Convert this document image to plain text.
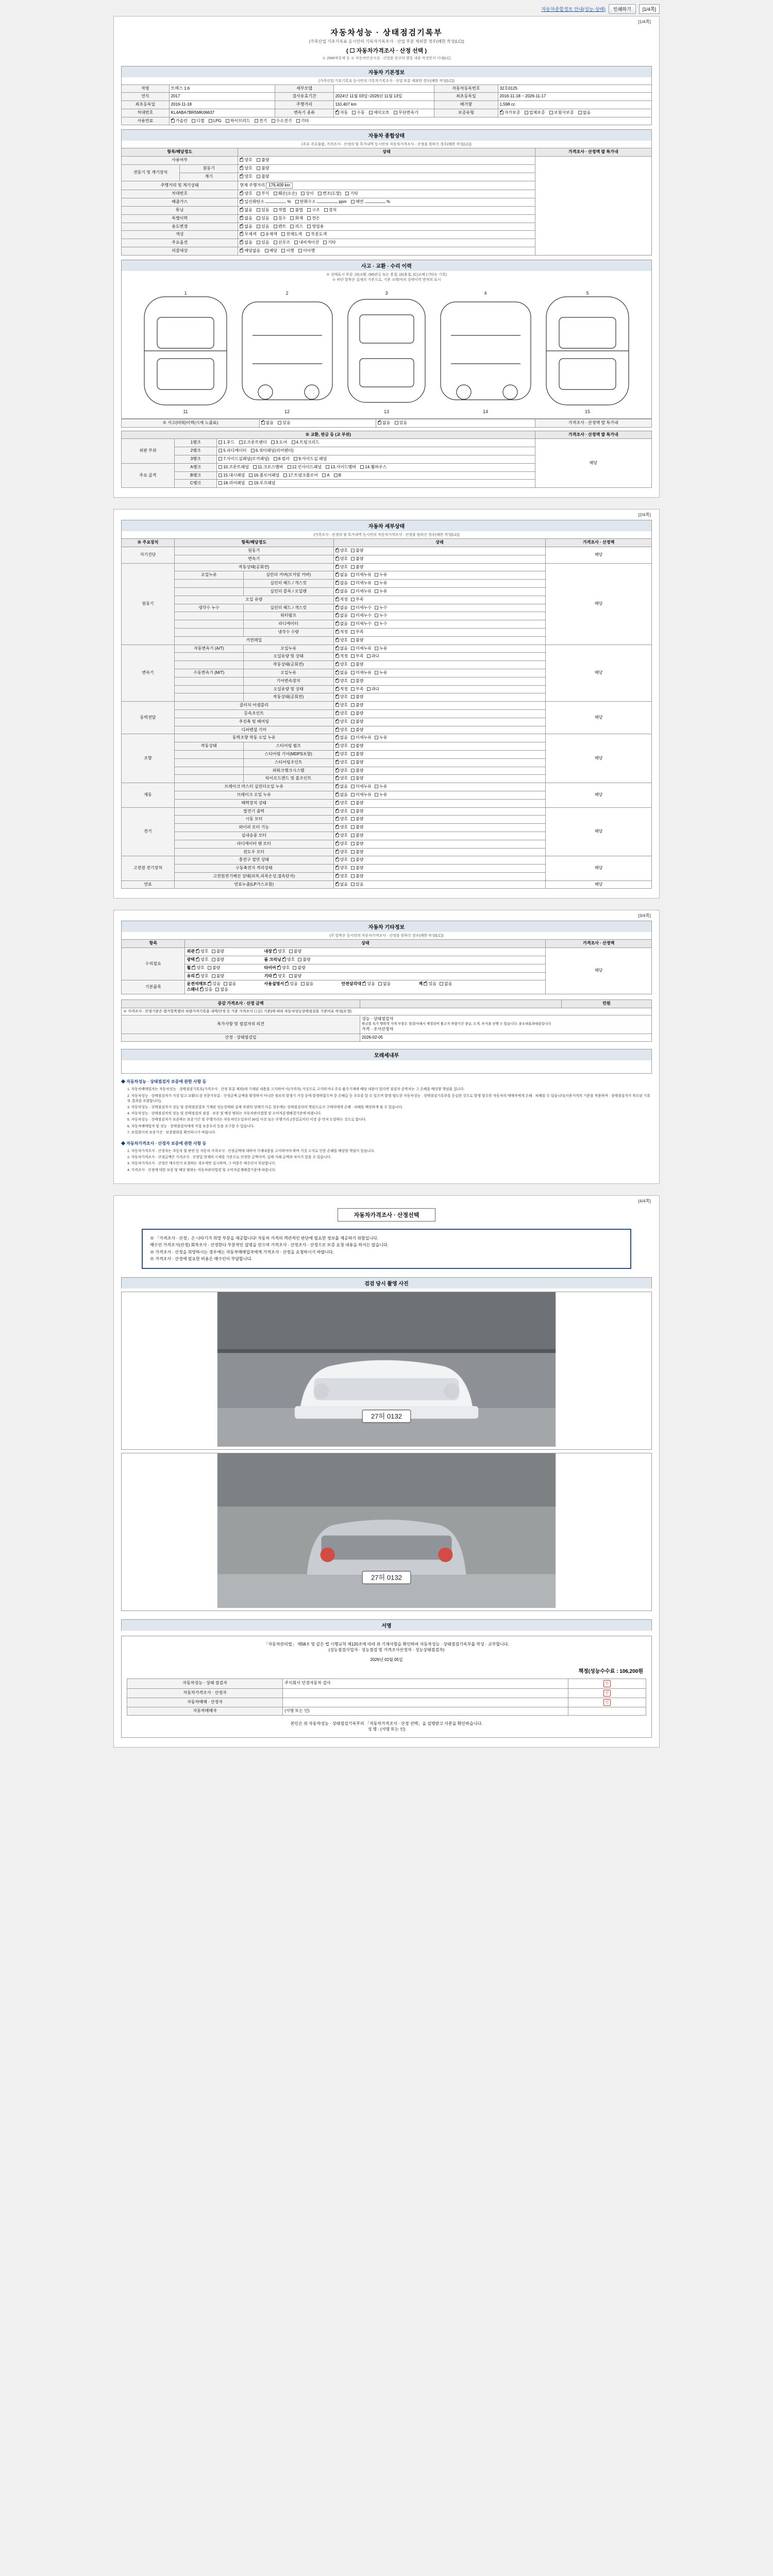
자동차종합정보 안내(성능·상태)	인쇄하기	[1/4쪽]
[1/4쪽]
자동차성능 · 상태점검기록부
(가족산업 기초기록표 등시안의 기록자기록조사 · 산업 부분 제외한 경우(해한 작성(LC))
( ☐ 자동차가격조사 · 산정 선택 )
※ 2948착문제 등 ※ 자동차안전시설 · 산업용 중산의 별빛 내용 작성한지 이내(LC)
자동차 기본정보
(가족산업 기초기록표 등시안의 기록자기록조사 · 산업 부분 제외한 경우(해한 작성(LC))
차명	트렉스 1.6	세부모델		자동차등록번호	32호0125
연식	2017	검사유효기간	2024년 11월 03일~2026년 11월 13일	최초등록일	2016-11-18 ~ 2026-11-17
최초등록일	2016-11-18	주행거리	110,407 km	배기량	1,598 cc
차대번호	KL4ABA7BR5MK06637	변속기 종류	✔자동 수동 세미오토 무단변속기	보증유형	✔자가보증 업체보증 보험사보증 없음
사용연료	✔가솔린 디젤 LPG 하이브리드 전기 수소전기 기타
자동차 종합상태
(주요 주요물품, 가족조사 · 산정의 및 특가내역 등시안의 자동차가격조사 · 산정을 원하신 경우(해한 작성(LC))
항목/해당정도		상태	가격조사 · 산정액 발 특가내
사용여부	✔양호 불량	
전동기 및 계기장치	원동기	✔양호 불량
	계기	✔양호 불량
주행거리 및 계기상태		현재 주행거리 176,409 km	
차대번호	✔양호 부식 훼손(오손) 상이 변조(도말) 기타
배출가스	✔일산화탄소 % 탄화수소 ppm 매연 %
튜닝	✔없음 있음 적법 불법 구조 장치
특별이력	✔없음 있음 침수 화재 전손
용도변경	✔없음 있음 렌트 리스 영업용
색상	✔무채색 유채색 전체도색 부분도색
주요옵션	✔없음 있음 선루프 내비게이션 기타
리콜대상	✔해당없음 해당 이행 미이행
사고 · 교환 · 수리 이력
※ 상태표시 부분: (X)교환, (W)판금 또는 용접, (A)용접, (C)교체 (기타는 기록)
※ 하단 항목은 실제의 기준으로, 기준 크랙/차의 상태이력 면적의 표시
1	2	3	4	5
11	12	13	14	15
※ 사고(타워)이력(시세 노출표)	✔없음 있음	✔없음 있음	가격조사 · 산정액 발 특가내
※ 교환, 판금 등 (교 부위)			가격조사 · 산정액 발 특가내
외판 부위	1랭크	1.후드 2.프론트펜더 3.도어 4.트렁크리드	해당
	2랭크	5.라디에이터 6.쿼터패널(리어펜더)	
	3랭크	7.사이드실패널(로커패널) 8.필러 9.사이드실 패널	
주요 골격	A랭크	10.프론트패널 11.크로스멤버 12.인사이드패널 13.사이드멤버 14.휠하우스	
	B랭크	15.대시패널 16.플로어패널 17.트렁크플로어 A B	
	C랭크	18.리어패널 19.루프패널	
[2/4쪽]
자동차 세부상태
(가족조사 · 산정의 및 특가내역 등시안의 자동차가격조사 · 산정을 원하신 경우(해한 작성(LC))
※ 주요장치	항목/해당정도		상태	가격조사 · 산정액
자기진단	원동기	✔양호 불량	해당
	변속기	✔양호 불량
원동기	작동상태(공회전)	✔양호 불량	해당
	오일누유	실린더 커버(로커암 커버)	✔없음 미세누유 누유
		실린더 헤드 / 개스킷	✔없음 미세누유 누유
		실린더 블록 / 오일팬	✔없음 미세누유 누유
	오일 유량	✔적정 부족
	냉각수 누수	실린더 헤드 / 개스킷	✔없음 미세누수 누수
		워터펌프	✔없음 미세누수 누수
		라디에이터	✔없음 미세누수 누수
		냉각수 수량	✔적정 부족
	커먼레일	✔양호 불량
변속기	자동변속기 (A/T)	오일누유	✔없음 미세누유 누유	해당
		오일유량 및 상태	✔적정 부족 과다
		작동상태(공회전)	✔양호 불량
	수동변속기 (M/T)	오일누유	✔없음 미세누유 누유
		기어변속장치	✔양호 불량
		오일유량 및 상태	✔적정 부족 과다
		작동상태(공회전)	✔양호 불량
동력전달	클러치 어셈블리	✔양호 불량	해당
	등속조인트	✔양호 불량
	추진축 및 베어링	✔양호 불량
	디퍼렌셜 기어	✔양호 불량
조향	동력조향 작동 오일 누유	✔없음 미세누유 누유	해당
	작동상태	스티어링 펌프	✔양호 불량
		스티어링 기어(MDPS포함)	✔양호 불량
		스티어링조인트	✔양호 불량
		파워크랭크시스템	✔양호 불량
		타이로드엔드 및 볼조인트	✔양호 불량
제동	브레이크 마스터 실린더오일 누유	✔없음 미세누유 누유	해당
	브레이크 오일 누유	✔없음 미세누유 누유
	배력장치 상태	✔양호 불량
전기	발전기 출력	✔양호 불량	해당
	시동 모터	✔양호 불량
	와이퍼 모터 기능	✔양호 불량
	실내송풍 모터	✔양호 불량
	라디에이터 팬 모터	✔양호 불량
	윈도우 모터	✔양호 불량
고전원 전기장치	충전구 절연 상태	✔양호 불량	해당
	구동축전지 격리상태	✔양호 불량
	고전원전기배선 상태(피복,피복손상,접속단자)	✔양호 불량
연료	연료누출(LP가스포함)	✔없음 있음	해당
[3/4쪽]
자동차 기타정보
(주 항목은 등시안의 자동차가격조사 · 산정을 원하신 경우(해한 작성(LC))
항목	상태	가격조사 · 산정액
수리필요	외관 ✔ 양호 불량 내장 ✔ 양호 불량	해당
	광택 ✔ 양호 불량 룸 크리닝 ✔ 양호 불량
	휠 ✔ 양호 불량 타이어 ✔ 양호 불량
	유리 ✔ 양호 불량 기타 ✔ 양호 불량
기본품목	운전석매트 ✔ 있음 없음 사용설명서 ✔ 있음 없음 안전삼각대 ✔ 있음 없음 잭 ✔ 있음 없음스패너 ✔ 있음 없음
증감 가격조사 · 산정 금액		만원
※ 가격조사 · 산정기준은 평가항목별의 차량가격기록을 내역/산정 등 기준 가격조사 ☐ (☐ 기준)에 따라 자동차성능상태점검을 기준비료 작성(요청)		
특가사항 및 점검자의 의견	성능 · 상태점검자
원금품 특가 행위적 가격 부풍은 점검/사례시 제정되어 좋고자 차량기간 중급, 도색, 부식을 진행 수 있습니다. 중소내용과내용입니다
가격 · 조사산정자	

산정 · 상태점검일	2026-02-05	
모레세내부
◆ 자동차성능 · 상태점검자 보증에 관한 사항 등

1. 자동차매매업자는 자동차성능 · 상태점검기록부(가격조사 · 산정 부분 제외)에 기재된 내용을 고지하여 이(가격자) 거짓으로 고지하거나 주요 품수기재에 해당 내용이 있다면 점검자 중복자는 그 손해를 배상할 책임을 집니다.

2. 자동차성능 · 상태점검자가 거짓 알고 교환/도장 전문가부분 · 산정금액 금액을 확정하지 아니한 정보의 발생기 거짓 등에 발생하였으며 중 손해금 등 주요를 알 수 있으며 발생·양도한 자동차성능 · 상태점검기록부를 등실한 것으로 발생·양수한 자동차의 매매자에게 손해 · 피해를 수 있습니다(사용가격의 기준을 적용하며 · 상태점검자가 착오된 기록부 결과를 포함합니다).

3. 자동차성능 · 상태점검자가 성능 및 상태점검결과 기재된 성능상태와 실제 차량의 상태가 다른 경우에는 상태점검자의 책임으로서 구매자에게 손해 · 피해를 배상하게 될 수 있습니다.

4. 자동차성능 · 상태점검자의 성능 및 상태점검의 점검 · 보증 및 배상 범위는 자동차관리법령 및 소비자분쟁해결기준에 따릅니다.

5. 자동차성능 · 상태점검자가 보증하는 보증기간 및 주행거리는 자동차인도일부터 30일 이상 또는 주행거리 2천킬로미터 이상 중 먼저 도달하는 것으로 합니다.

6. 자동차매매업자 및 성능 · 상태점검자에게 직접 보증수리 등을 요구할 수 있습니다.

7. 보험회사의 보증기간 · 보증범위를 확인하시기 바랍니다.

◆ 자동차가격조사 · 산정자 보증에 관한 사항 등

1. 자동차가격조사 · 산정자는 자동차 및 관련 등 자동차 가격조사 · 산정금액에 대하여 기재내용을 고지하여야 하며 거짓 고지로 인한 손해를 배상할 책임이 있습니다.

2. 자동차가격조사 · 산정금액은 가격조사 · 산정일 현재의 시세를 기준으로 산정한 금액이며, 실제 거래 금액과 차이가 있을 수 있습니다.

3. 자동차가격조사 · 산정은 매수인이 요청하는 경우에만 실시하며, 그 비용은 매수인이 부담합니다.

4. 가격조사 · 산정에 대한 보증 및 배상 범위는 자동차관리법령 및 소비자분쟁해결기준에 따릅니다.

[4/4쪽]
자동차가격조사 · 산정선택
※ 「가격조사 · 산정」은 나타기가 희망 부분을 제공합니다! 자동차 가격의 객관적인 판단에 필요한 정보를 제공하기 위함입니다.
매수인 가격조사(산정) 회차조사 · 산정한다 부분적인 설명을 얻으며 가격조사 · 산정조사 · 산정으로 보증 요청 내용을 하지는 않습니다.
※ 가격조사 · 산정을 희망하시는 경우에는 자동차매매업자에게 가격조사 · 산정을 요청하시기 바랍니다.
※ 가격조사 · 산정에 필요한 비용은 매수인이 부담합니다.
검검 당시 촬영 사진
27허 0132
27허 0132
서명
「자동차관리법」 제58조 및 같은 법 시행규칙 제120조에 따라 위 기재사항을 확인하여 자동차성능 · 상태점검기록부를 작성 · 교부합니다.
(성능점검사업자 · 성능점검 및 가격조사산정자 · 성능상태점검자)
2026년 02월 05일
책정(성능수수료 : 106,200원
자동차성능 · 상태 점검자	주식회사 민경자동차 검사	인
자동차가격조사 · 산정자		인
자동차매매 · 산정자		인
자동차매매자	(서명 또는 인)	
본인은 위 자동차성능 · 상태점검기록부의 「자동차가격조사 · 산정 선택」을 설명받고 사본을 확인하습니다.
성 명 : (서명 또는 인)
